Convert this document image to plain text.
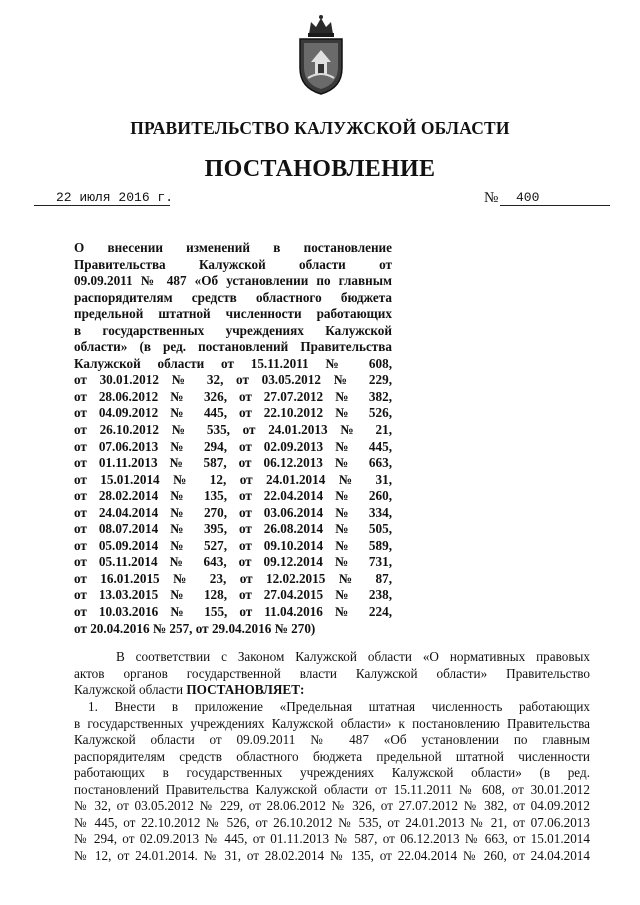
ПРАВИТЕЛЬСТВО КАЛУЖСКОЙ ОБЛАСТИ
ПОСТАНОВЛЕНИЕ
22 июля 2016 г.	№	400
О внесении изменений в постановление
Правительства Калужской области от
09.09.2011 № 487 «Об установлении по главным
распорядителям средств областного бюджета
предельной штатной численности работающих
в государственных учреждениях Калужской
области» (в ред. постановлений Правительства
Калужской области от 15.11.2011 № 608,
от 30.01.2012 № 32, от 03.05.2012 № 229,
от 28.06.2012 № 326, от 27.07.2012 № 382,
от 04.09.2012 № 445, от 22.10.2012 № 526,
от 26.10.2012 № 535, от 24.01.2013 № 21,
от 07.06.2013 № 294, от 02.09.2013 № 445,
от 01.11.2013 № 587, от 06.12.2013 № 663,
от 15.01.2014 № 12, от 24.01.2014 № 31,
от 28.02.2014 № 135, от 22.04.2014 № 260,
от 24.04.2014 № 270, от 03.06.2014 № 334,
от 08.07.2014 № 395, от 26.08.2014 № 505,
от 05.09.2014 № 527, от 09.10.2014 № 589,
от 05.11.2014 № 643, от 09.12.2014 № 731,
от 16.01.2015 № 23, от 12.02.2015 № 87,
от 13.03.2015 № 128, от 27.04.2015 № 238,
от 10.03.2016 № 155, от 11.04.2016 № 224,
от 20.04.2016 № 257, от 29.04.2016 № 270)
В соответствии с Законом Калужской области «О нормативных правовых
актов органов государственной власти Калужской области» Правительство
Калужской области ПОСТАНОВЛЯЕТ:
1. Внести в приложение «Предельная штатная численность работающих
в государственных учреждениях Калужской области» к постановлению Правительства
Калужской области от 09.09.2011 № 487 «Об установлении по главным
распорядителям средств областного бюджета предельной штатной численности
работающих в государственных учреждениях Калужской области» (в ред.
постановлений Правительства Калужской области от 15.11.2011 № 608, от 30.01.2012
№ 32, от 03.05.2012 № 229, от 28.06.2012 № 326, от 27.07.2012 № 382, от 04.09.2012
№ 445, от 22.10.2012 № 526, от 26.10.2012 № 535, от 24.01.2013 № 21, от 07.06.2013
№ 294, от 02.09.2013 № 445, от 01.11.2013 № 587, от 06.12.2013 № 663, от 15.01.2014
№ 12, от 24.01.2014. № 31, от 28.02.2014 № 135, от 22.04.2014 № 260, от 24.04.2014
